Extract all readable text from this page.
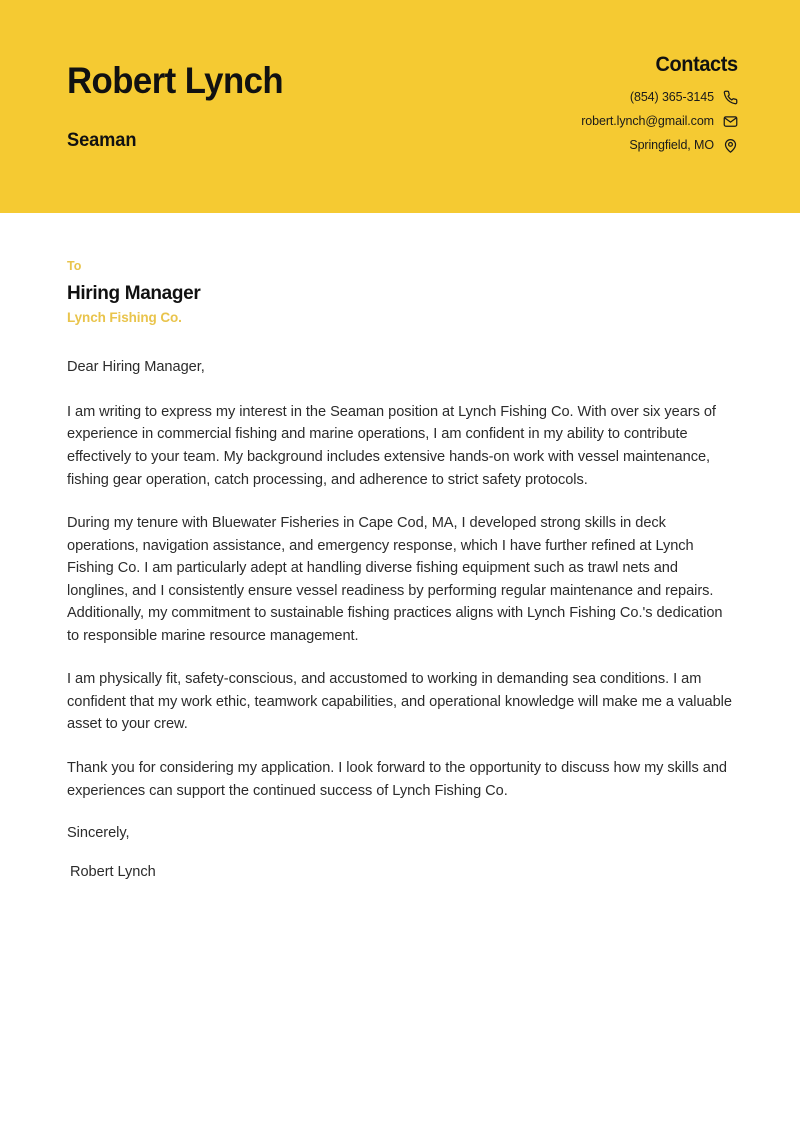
Robert Lynch

Seaman

Contacts
(854) 365-3145
robert.lynch@gmail.com
Springfield, MO

To

Hiring Manager

Lynch Fishing Co.

Dear Hiring Manager,

I am writing to express my interest in the Seaman position at Lynch Fishing Co. With over six years of experience in commercial fishing and marine operations, I am confident in my ability to contribute effectively to your team. My background includes extensive hands-on work with vessel maintenance, fishing gear operation, catch processing, and adherence to strict safety protocols.

During my tenure with Bluewater Fisheries in Cape Cod, MA, I developed strong skills in deck operations, navigation assistance, and emergency response, which I have further refined at Lynch Fishing Co. I am particularly adept at handling diverse fishing equipment such as trawl nets and longlines, and I consistently ensure vessel readiness by performing regular maintenance and repairs. Additionally, my commitment to sustainable fishing practices aligns with Lynch Fishing Co.'s dedication to responsible marine resource management.

I am physically fit, safety-conscious, and accustomed to working in demanding sea conditions. I am confident that my work ethic, teamwork capabilities, and operational knowledge will make me a valuable asset to your crew.

Thank you for considering my application. I look forward to the opportunity to discuss how my skills and experiences can support the continued success of Lynch Fishing Co.

Sincerely,

Robert Lynch
